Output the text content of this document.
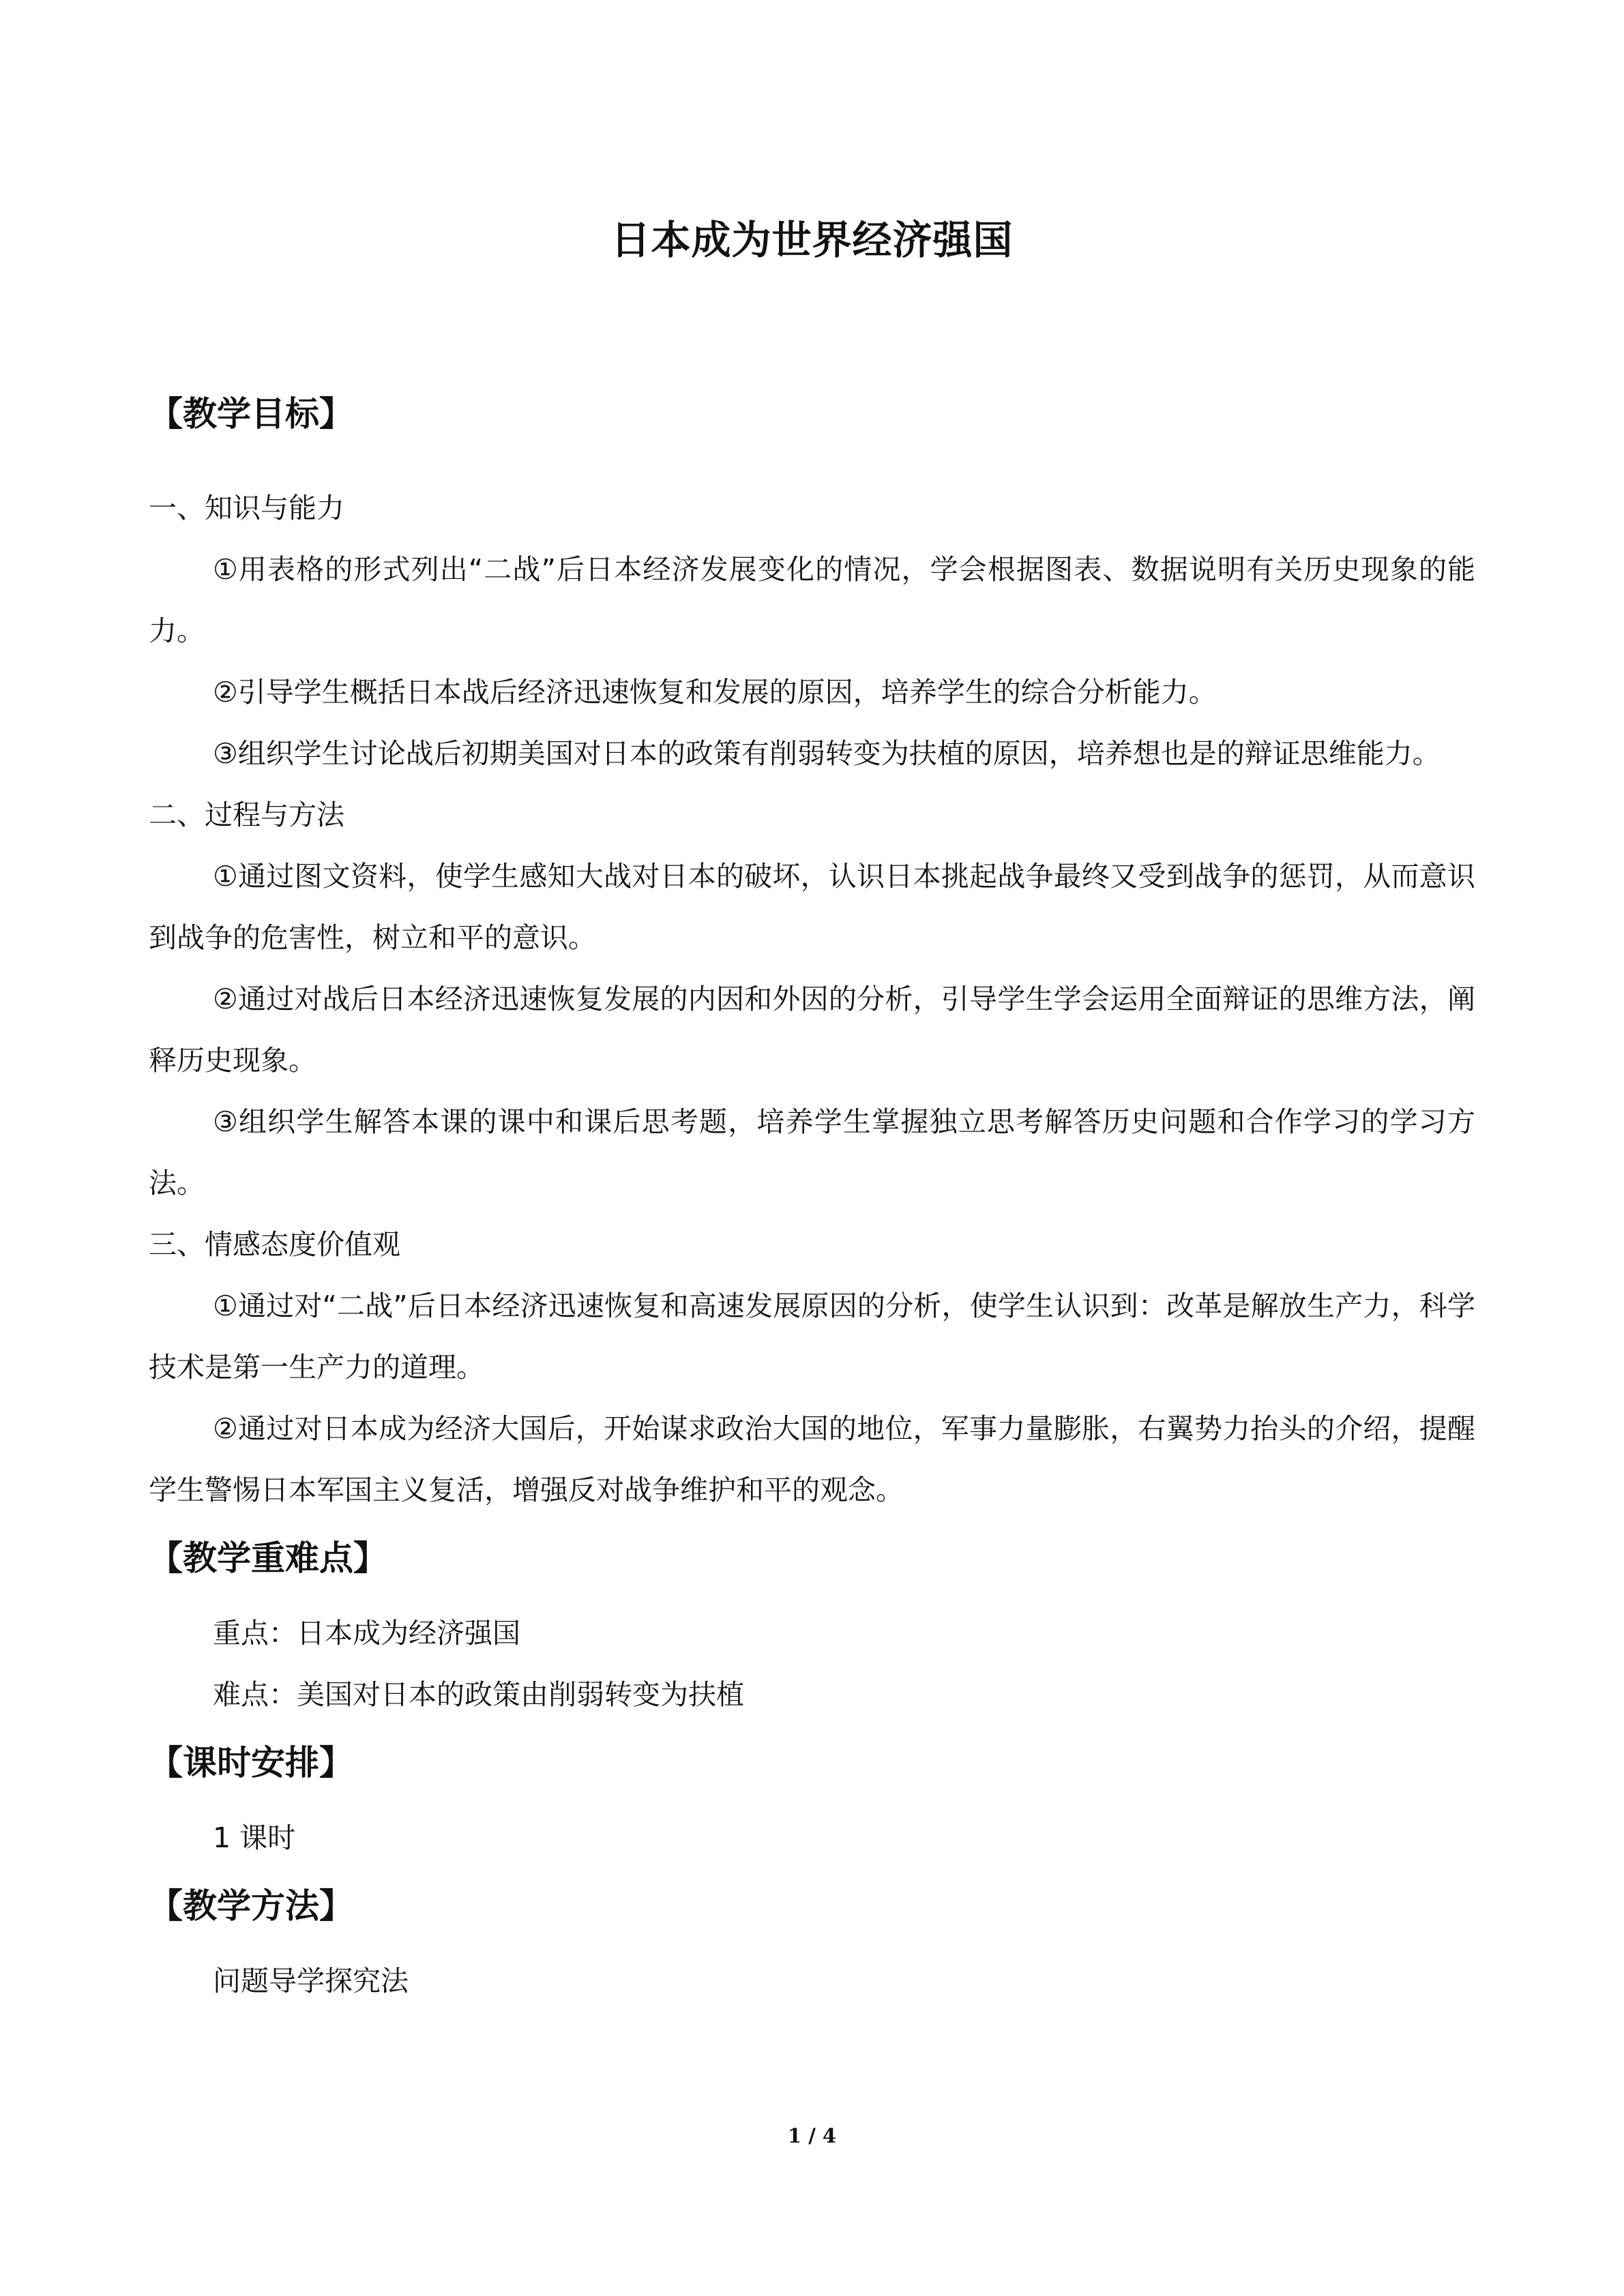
日本成为世界经济强国
【教学目标】
一、知识与能力

①用表格的形式列出“二战”后日本经济发展变化的情况，学会根据图表、数据说明有关历史现象的能力。

②引导学生概括日本战后经济迅速恢复和发展的原因，培养学生的综合分析能力。

③组织学生讨论战后初期美国对日本的政策有削弱转变为扶植的原因，培养想也是的辩证思维能力。

二、过程与方法

①通过图文资料，使学生感知大战对日本的破坏，认识日本挑起战争最终又受到战争的惩罚，从而意识到战争的危害性，树立和平的意识。

②通过对战后日本经济迅速恢复发展的内因和外因的分析，引导学生学会运用全面辩证的思维方法，阐释历史现象。

③组织学生解答本课的课中和课后思考题，培养学生掌握独立思考解答历史问题和合作学习的学习方法。

三、情感态度价值观

①通过对“二战”后日本经济迅速恢复和高速发展原因的分析，使学生认识到：改革是解放生产力，科学技术是第一生产力的道理。

②通过对日本成为经济大国后，开始谋求政治大国的地位，军事力量膨胀，右翼势力抬头的介绍，提醒学生警惕日本军国主义复活，增强反对战争维护和平的观念。

【教学重难点】
重点：日本成为经济强国
难点：美国对日本的政策由削弱转变为扶植
【课时安排】
1 课时
【教学方法】
问题导学探究法
1 / 4
